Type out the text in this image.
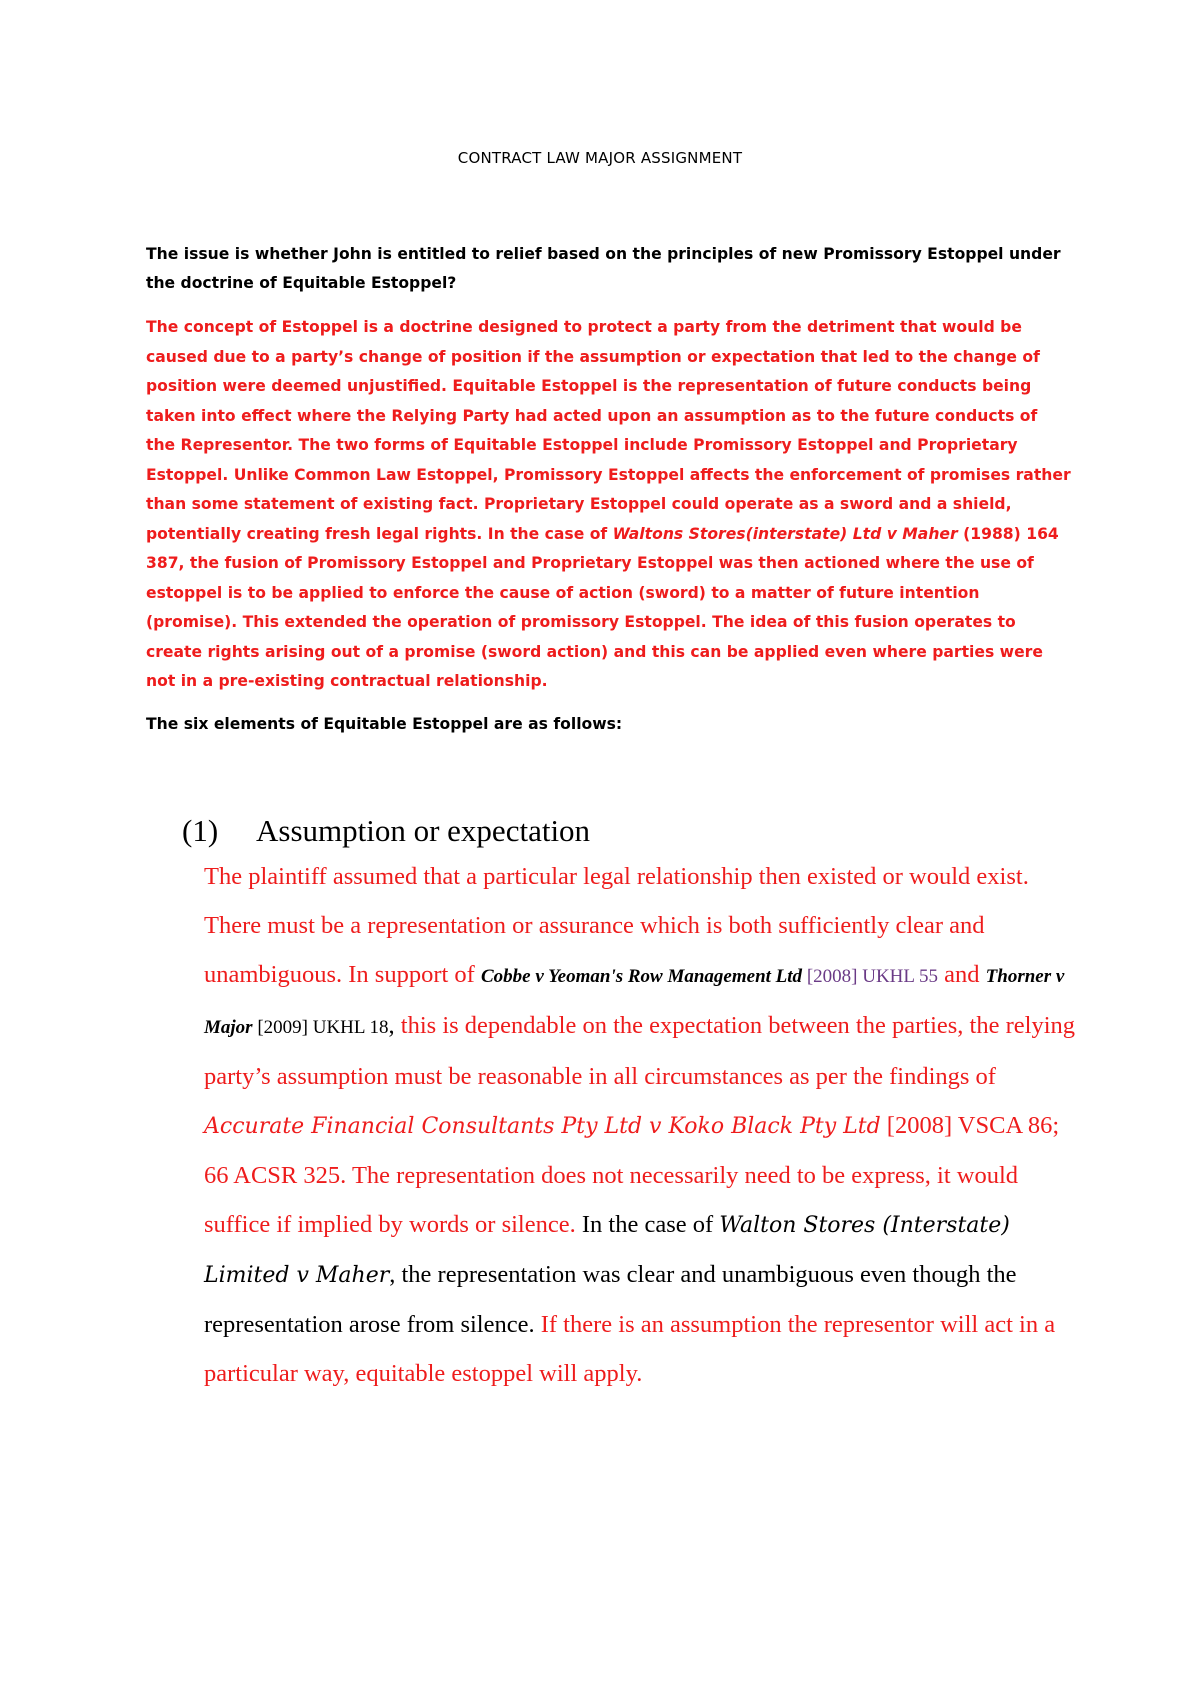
CONTRACT LAW MAJOR ASSIGNMENT
The issue is whether John is entitled to relief based on the principles of new Promissory Estoppel under the doctrine of Equitable Estoppel?
The concept of Estoppel is a doctrine designed to protect a party from the detriment that would be caused due to a party’s change of position if the assumption or expectation that led to the change of position were deemed unjustified. Equitable Estoppel is the representation of future conducts being taken into effect where the Relying Party had acted upon an assumption as to the future conducts of the Representor. The two forms of Equitable Estoppel include Promissory Estoppel and Proprietary Estoppel. Unlike Common Law Estoppel, Promissory Estoppel affects the enforcement of promises rather than some statement of existing fact. Proprietary Estoppel could operate as a sword and a shield, potentially creating fresh legal rights. In the case of Waltons Stores(interstate) Ltd v Maher (1988) 164 387, the fusion of Promissory Estoppel and Proprietary Estoppel was then actioned where the use of estoppel is to be applied to enforce the cause of action (sword) to a matter of future intention (promise). This extended the operation of promissory Estoppel. The idea of this fusion operates to create rights arising out of a promise (sword action) and this can be applied even where parties were not in a pre-existing contractual relationship.
The six elements of Equitable Estoppel are as follows:
(1) Assumption or expectation
The plaintiff assumed that a particular legal relationship then existed or would exist. There must be a representation or assurance which is both sufficiently clear and unambiguous. In support of Cobbe v Yeoman's Row Management Ltd [2008] UKHL 55 and Thorner v Major [2009] UKHL 18, this is dependable on the expectation between the parties, the relying party’s assumption must be reasonable in all circumstances as per the findings of Accurate Financial Consultants Pty Ltd v Koko Black Pty Ltd [2008] VSCA 86; 66 ACSR 325. The representation does not necessarily need to be express, it would suffice if implied by words or silence. In the case of Walton Stores (Interstate) Limited v Maher, the representation was clear and unambiguous even though the representation arose from silence. If there is an assumption the representor will act in a particular way, equitable estoppel will apply.
